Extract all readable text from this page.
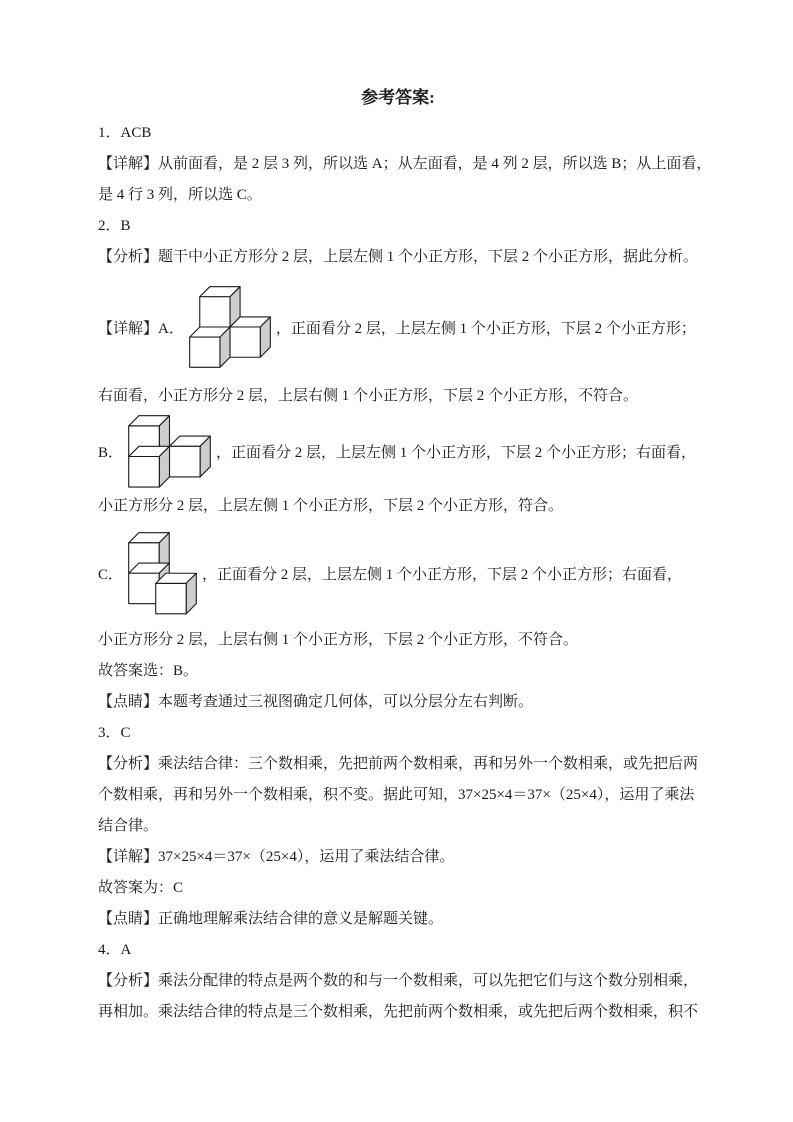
参考答案:
1．ACB
【详解】从前面看，是 2 层 3 列，所以选 A；从左面看，是 4 列 2 层，所以选 B；从上面看，
是 4 行 3 列，所以选 C。
2．B
【分析】题干中小正方形分 2 层，上层左侧 1 个小正方形，下层 2 个小正方形，据此分析。
【详解】A．	，正面看分 2 层，上层左侧 1 个小正方形，下层 2 个小正方形；
右面看，小正方形分 2 层，上层右侧 1 个小正方形，下层 2 个小正方形，不符合。
B．	，正面看分 2 层，上层左侧 1 个小正方形，下层 2 个小正方形；右面看，
小正方形分 2 层，上层左侧 1 个小正方形，下层 2 个小正方形，符合。
C．	，正面看分 2 层，上层左侧 1 个小正方形，下层 2 个小正方形；右面看，
小正方形分 2 层，上层右侧 1 个小正方形，下层 2 个小正方形，不符合。
故答案选：B。
【点睛】本题考查通过三视图确定几何体，可以分层分左右判断。
3．C
【分析】乘法结合律：三个数相乘，先把前两个数相乘，再和另外一个数相乘，或先把后两
个数相乘，再和另外一个数相乘，积不变。据此可知，37×25×4＝37×（25×4），运用了乘法
结合律。
【详解】37×25×4＝37×（25×4），运用了乘法结合律。
故答案为：C
【点睛】正确地理解乘法结合律的意义是解题关键。
4．A
【分析】乘法分配律的特点是两个数的和与一个数相乘，可以先把它们与这个数分别相乘，
再相加。乘法结合律的特点是三个数相乘，先把前两个数相乘，或先把后两个数相乘，积不
